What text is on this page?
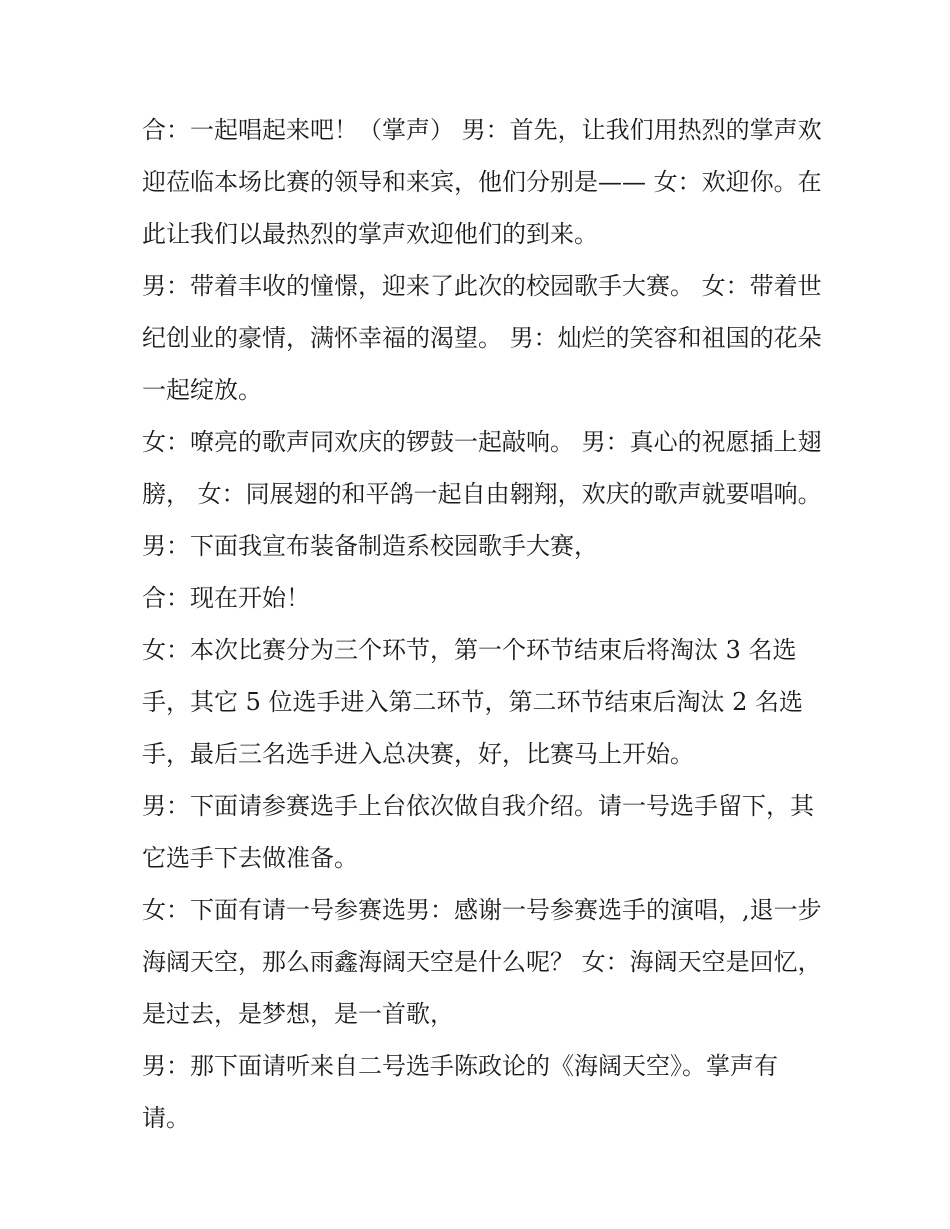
合：一起唱起来吧！（掌声） 男：首先，让我们用热烈的掌声欢迎莅临本场比赛的领导和来宾，他们分别是—— 女：欢迎你。在此让我们以最热烈的掌声欢迎他们的到来。

男：带着丰收的憧憬，迎来了此次的校园歌手大赛。 女：带着世纪创业的豪情，满怀幸福的渴望。 男：灿烂的笑容和祖国的花朵一起绽放。

女：嘹亮的歌声同欢庆的锣鼓一起敲响。 男：真心的祝愿插上翅膀， 女：同展翅的和平鸽一起自由翱翔，欢庆的歌声就要唱响。 男：下面我宣布装备制造系校园歌手大赛，

合：现在开始！

女：本次比赛分为三个环节，第一个环节结束后将淘汰 3 名选手，其它 5 位选手进入第二环节，第二环节结束后淘汰 2 名选手，最后三名选手进入总决赛，好，比赛马上开始。

男：下面请参赛选手上台依次做自我介绍。请一号选手留下，其它选手下去做准备。

女：下面有请一号参赛选男：感谢一号参赛选手的演唱，,退一步海阔天空，那么雨鑫海阔天空是什么呢？ 女：海阔天空是回忆，是过去，是梦想，是一首歌，

男：那下面请听来自二号选手陈政论的《海阔天空》。掌声有请。
